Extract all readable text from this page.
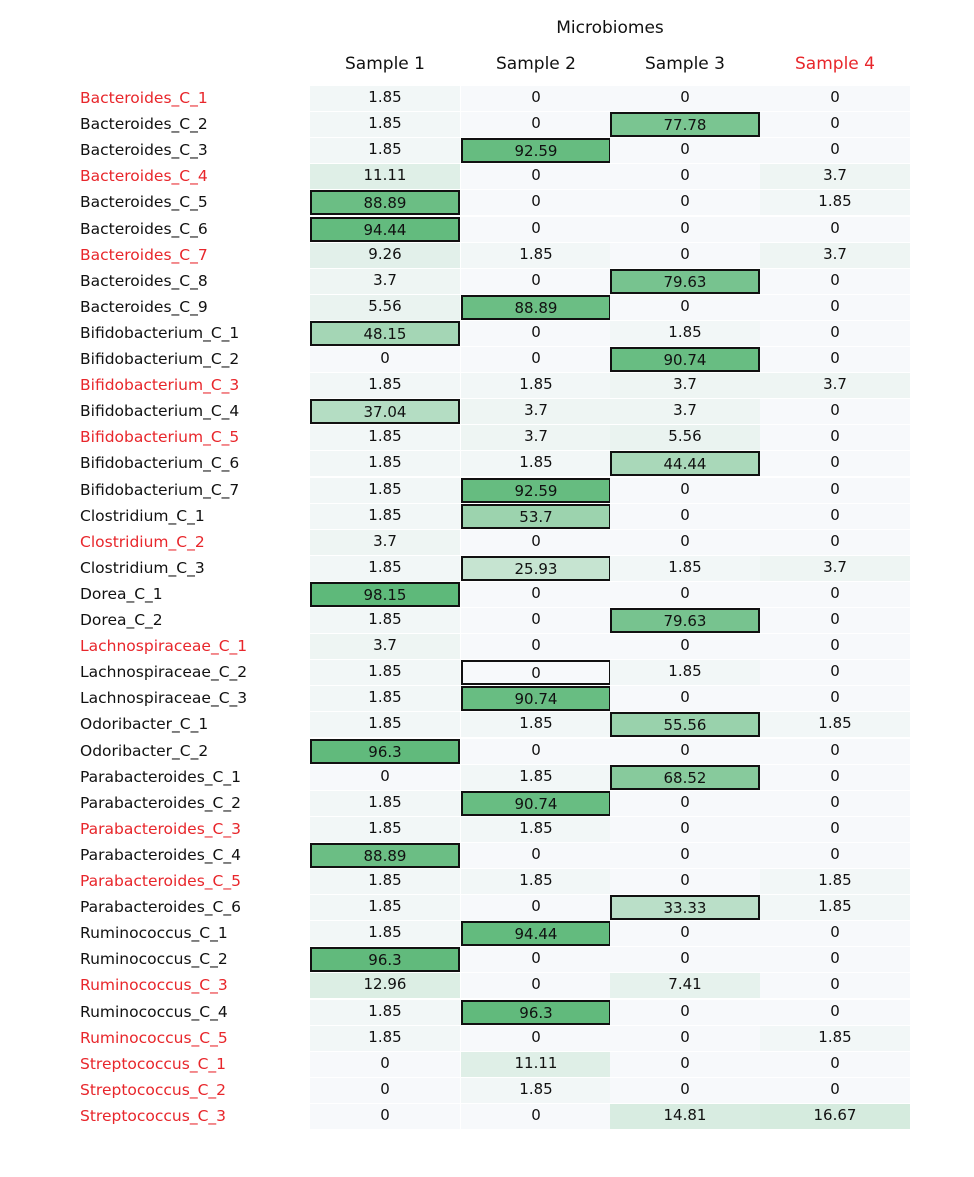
Microbiomes
Sample 1	Sample 2	Sample 3	Sample 4
Bacteroides_C_1	1.85	0	0	0
Bacteroides_C_2	1.85	0	77.78	0
Bacteroides_C_3	1.85	92.59	0	0
Bacteroides_C_4	11.11	0	0	3.7
Bacteroides_C_5	88.89	0	0	1.85
Bacteroides_C_6	94.44	0	0	0
Bacteroides_C_7	9.26	1.85	0	3.7
Bacteroides_C_8	3.7	0	79.63	0
Bacteroides_C_9	5.56	88.89	0	0
Bifidobacterium_C_1	48.15	0	1.85	0
Bifidobacterium_C_2	0	0	90.74	0
Bifidobacterium_C_3	1.85	1.85	3.7	3.7
Bifidobacterium_C_4	37.04	3.7	3.7	0
Bifidobacterium_C_5	1.85	3.7	5.56	0
Bifidobacterium_C_6	1.85	1.85	44.44	0
Bifidobacterium_C_7	1.85	92.59	0	0
Clostridium_C_1	1.85	53.7	0	0
Clostridium_C_2	3.7	0	0	0
Clostridium_C_3	1.85	25.93	1.85	3.7
Dorea_C_1	98.15	0	0	0
Dorea_C_2	1.85	0	79.63	0
Lachnospiraceae_C_1	3.7	0	0	0
Lachnospiraceae_C_2	1.85	0	1.85	0
Lachnospiraceae_C_3	1.85	90.74	0	0
Odoribacter_C_1	1.85	1.85	55.56	1.85
Odoribacter_C_2	96.3	0	0	0
Parabacteroides_C_1	0	1.85	68.52	0
Parabacteroides_C_2	1.85	90.74	0	0
Parabacteroides_C_3	1.85	1.85	0	0
Parabacteroides_C_4	88.89	0	0	0
Parabacteroides_C_5	1.85	1.85	0	1.85
Parabacteroides_C_6	1.85	0	33.33	1.85
Ruminococcus_C_1	1.85	94.44	0	0
Ruminococcus_C_2	96.3	0	0	0
Ruminococcus_C_3	12.96	0	7.41	0
Ruminococcus_C_4	1.85	96.3	0	0
Ruminococcus_C_5	1.85	0	0	1.85
Streptococcus_C_1	0	11.11	0	0
Streptococcus_C_2	0	1.85	0	0
Streptococcus_C_3	0	0	14.81	16.67
